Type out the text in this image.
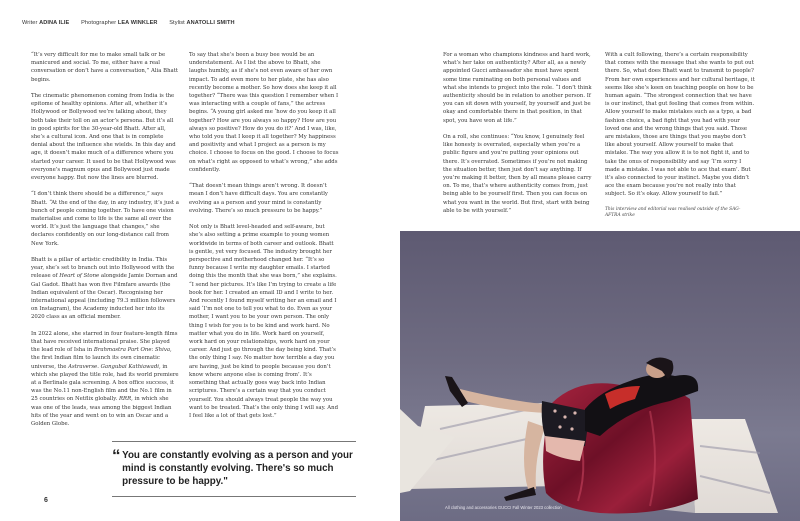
Writer ADINA ILIE Photographer LEA WINKLER Stylist ANATOLLI SMITH

“It’s very difficult for me to make small talk or be manicured and social. To me, either have a real conversation or don’t have a conversation,” Alia Bhatt begins.

The cinematic phenomenon coming from India is the epitome of healthy opinions. After all, whether it’s Hollywood or Bollywood we’re talking about, they both take their toll on an actor’s persona. But it’s all in good spirits for the 30-year-old Bhatt. After all, she’s a cultural icon. And one that is in complete denial about the influence she wields. In this day and age, it doesn’t make much of a difference where you started your career. It used to be that Hollywood was everyone’s magnum opus and Bollywood just made everyone happy. But now the lines are blurred.

“I don’t think there should be a difference,” says Bhatt. “At the end of the day, in any industry, it’s just a bunch of people coming together. To have one vision materialise and come to life is the same all over the world. It’s just the language that changes,” she declares confidently on our long-distance call from New York.

Bhatt is a pillar of artistic credibility in India. This year, she’s set to branch out into Hollywood with the release of Heart of Stone alongside Jamie Dornan and Gal Gadot. Bhatt has won five Filmfare awards (the Indian equivalent of the Oscar). Recognising her international appeal (including 79.3 million followers on Instagram), the Academy inducted her into its 2020 class as an official member.

In 2022 alone, she starred in four feature-length films that have received international praise. She played the lead role of Isha in Brahmastra Part One: Shiva, the first Indian film to launch its own cinematic universe, the Astraverse. Gangubai Kathiawadi, in which she played the title role, had its world premiere at a Berlinale gala screening. A box office success, it was the No.11 non-English film and the No.1 film in 25 countries on Netflix globally. RRR, in which she was one of the leads, was among the biggest Indian hits of the year and went on to win an Oscar and a Golden Globe.

To say that she’s been a busy bee would be an understatement. As I list the above to Bhatt, she laughs humbly, as if she’s not even aware of her own impact. To add even more to her plate, she has also recently become a mother. So how does she keep it all together? “There was this question I remember when I was interacting with a couple of fans,” the actress begins. “A young girl asked me ‘how do you keep it all together? How are you always so happy? How are you always so positive? How do you do it?’ And I was, like, who told you that I keep it all together? My happiness and positivity and what I project as a person is my choice. I choose to focus on the good. I choose to focus on what’s right as opposed to what’s wrong,” she adds confidently.

“That doesn’t mean things aren’t wrong. It doesn’t mean I don’t have difficult days. You are constantly evolving as a person and your mind is constantly evolving. There’s so much pressure to be happy.”

Not only is Bhatt level-headed and self-aware, but she’s also setting a prime example to young women worldwide in terms of both career and outlook. Bhatt is gentle, yet very focused. The industry brought her perspective and motherhood changed her. “It’s so funny because I write my daughter emails. I started doing this the month that she was born,” she explains. “I send her pictures. It’s like I’m trying to create a life book for her. I created an email ID and I write to her. And recently I found myself writing her an email and I said ‘I’m not one to tell you what to do. Even as your mother, I want you to be your own person. The only thing I wish for you is to be kind and work hard. No matter what you do in life. Work hard on yourself, work hard on your relationships, work hard on your career. And just go through the day being kind. That’s the only thing I say. No matter how terrible a day you are having, just be kind to people because you don’t know where anyone else is coming from’. It’s something that actually goes way back into Indian scriptures. There’s a certain way that you conduct yourself. You should always treat people the way you want to be treated. That’s the only thing I will say. And I feel like a lot of that gets lost.”

For a woman who champions kindness and hard work, what’s her take on authenticity? After all, as a newly appointed Gucci ambassador she must have spent some time ruminating on both personal values and what she intends to project into the role. “I don’t think authenticity should be in relation to another person. If you can sit down with yourself, by yourself and just be okay and comfortable there in that position, in that spot, you have won at life.”

On a roll, she continues: “You know, I genuinely feel like honesty is overrated, especially when you’re a public figure and you’re putting your opinions out there. It’s overrated. Sometimes if you’re not making the situation better, then just don’t say anything. If you’re making it better, then by all means please carry on. To me, that’s where authenticity comes from, just being able to be yourself first. Then you can focus on what you want in the world. But first, start with being able to be with yourself.”

With a cult following, there’s a certain responsibility that comes with the message that she wants to put out there. So, what does Bhatt want to transmit to people? From her own experiences and her cultural heritage, it seems like she’s keen on teaching people on how to be human again. “The strongest connection that we have is our instinct, that gut feeling that comes from within. Allow yourself to make mistakes such as a typo, a bad fashion choice, a bad fight that you had with your loved one and the wrong things that you said. Those are mistakes, those are things that you maybe don’t like about yourself. Allow yourself to make that mistake. The way you allow it is to not fight it, and to take the onus of responsibility and say ‘I’m sorry I made a mistake. I was not able to ace that exam’. But it’s also connected to your instinct. Maybe you didn’t ace the exam because you’re not really into that subject. So it’s okay. Allow yourself to fail.”

This interview and editorial was realised outside of the SAG-AFTRA strike
“ You are constantly evolving as a person and your mind is constantly evolving. There's so much pressure to be happy."
6
All clothing and accessories GUCCI Fall Winter 2023 collection
